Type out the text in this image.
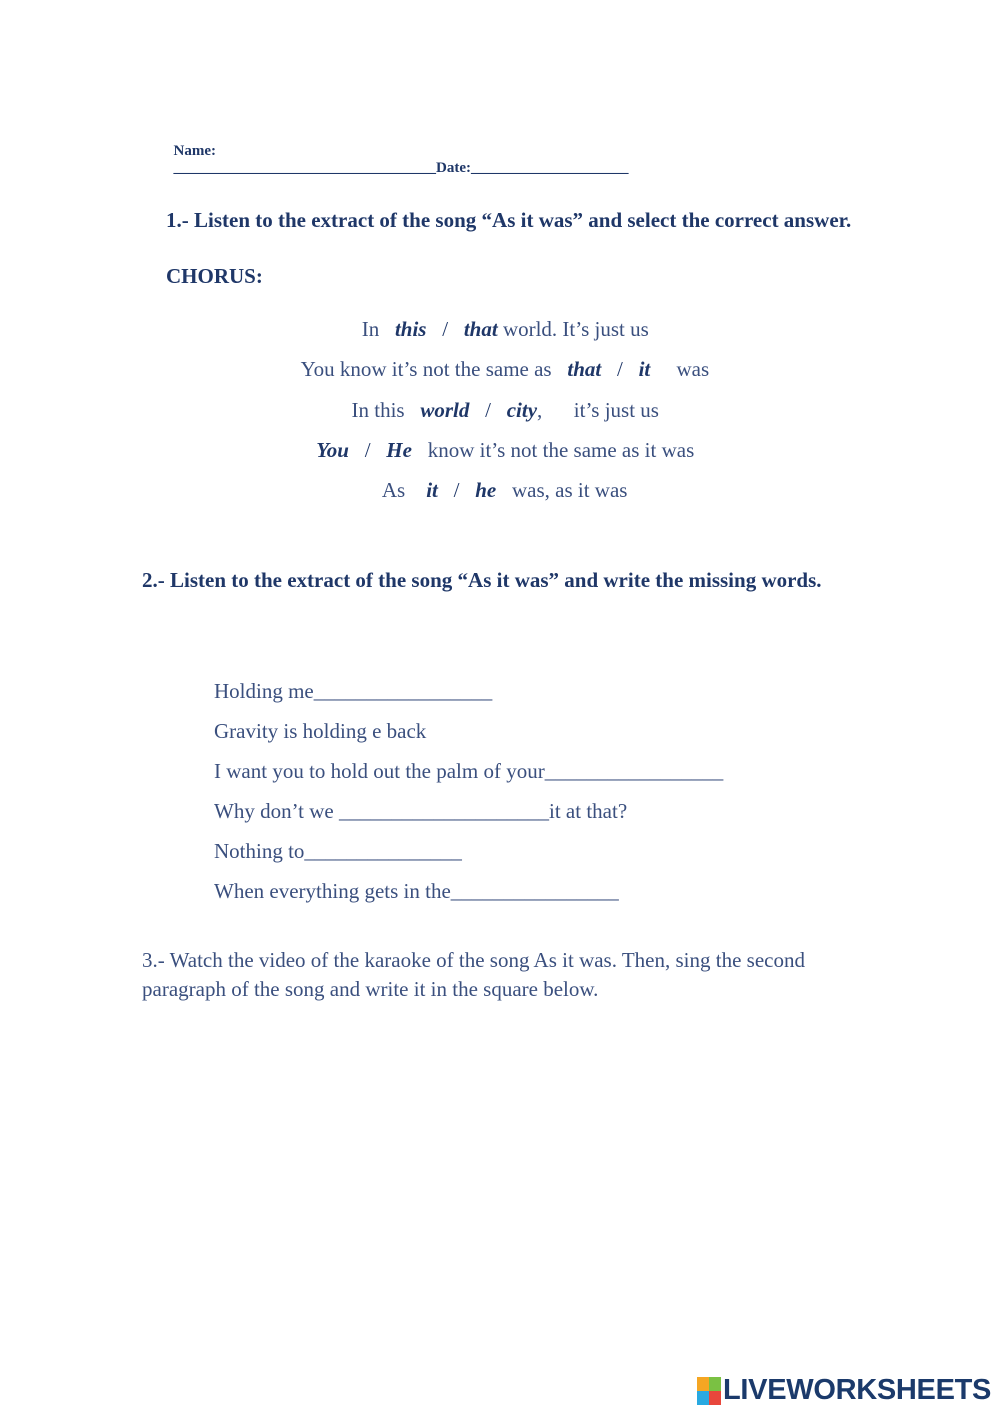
Name:
___________________________________Date:_____________________

1.- Listen to the extract of the song “As it was” and select the correct answer.
CHORUS:

In   this   /   that world. It’s just us

You know it’s not the same as   that   /   it     was

In this   world   /   city,      it’s just us

You   /   He   know it’s not the same as it was

As    it   /   he   was, as it was

2.- Listen to the extract of the song “As it was” and write the missing words.
Holding me_________________
Gravity is holding e back
I want you to hold out the palm of your_________________
Why don’t we ____________________it at that?
Nothing to_______________
When everything gets in the________________
3.- Watch the video of the karaoke of the song As it was. Then, sing the second paragraph of the song and write it in the square below.
LIVEWORKSHEETS
